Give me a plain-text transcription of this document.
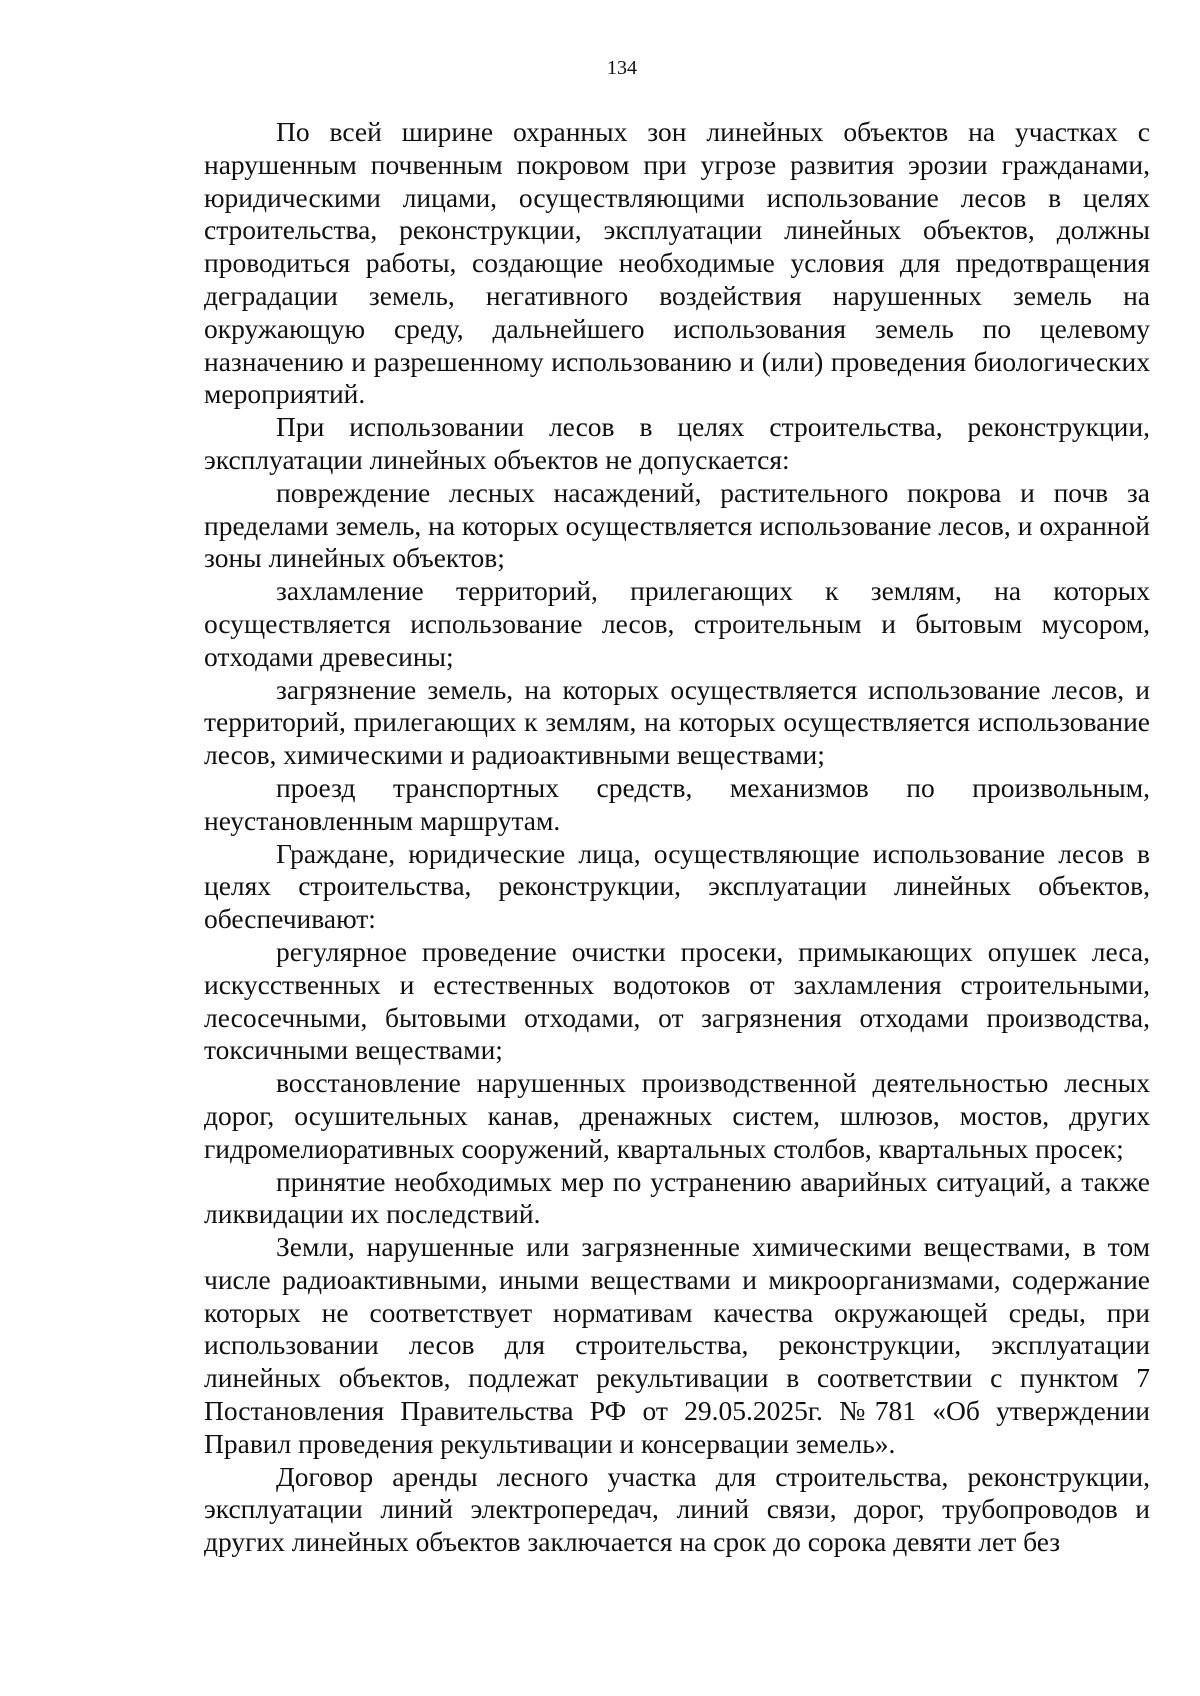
134

По всей ширине охранных зон линейных объектов на участках с нарушенным почвенным покровом при угрозе развития эрозии гражданами, юридическими лицами, осуществляющими использование лесов в целях строительства, реконструкции, эксплуатации линейных объектов, должны проводиться работы, создающие необходимые условия для предотвращения деградации земель, негативного воздействия нарушенных земель на окружающую среду, дальнейшего использования земель по целевому назначению и разрешенному использованию и (или) проведения биологических мероприятий.

При использовании лесов в целях строительства, реконструкции, эксплуатации линейных объектов не допускается:

повреждение лесных насаждений, растительного покрова и почв за пределами земель, на которых осуществляется использование лесов, и охранной зоны линейных объектов;

захламление территорий, прилегающих к землям, на которых осуществляется использование лесов, строительным и бытовым мусором, отходами древесины;

загрязнение земель, на которых осуществляется использование лесов, и территорий, прилегающих к землям, на которых осуществляется использование лесов, химическими и радиоактивными веществами;

проезд транспортных средств, механизмов по произвольным, неустановленным маршрутам.

Граждане, юридические лица, осуществляющие использование лесов в целях строительства, реконструкции, эксплуатации линейных объектов, обеспечивают:

регулярное проведение очистки просеки, примыкающих опушек леса, искусственных и естественных водотоков от захламления строительными, лесосечными, бытовыми отходами, от загрязнения отходами производства, токсичными веществами;

восстановление нарушенных производственной деятельностью лесных дорог, осушительных канав, дренажных систем, шлюзов, мостов, других гидромелиоративных сооружений, квартальных столбов, квартальных просек;

принятие необходимых мер по устранению аварийных ситуаций, а также ликвидации их последствий.

Земли, нарушенные или загрязненные химическими веществами, в том числе радиоактивными, иными веществами и микроорганизмами, содержание которых не соответствует нормативам качества окружающей среды, при использовании лесов для строительства, реконструкции, эксплуатации линейных объектов, подлежат рекультивации в соответствии с пунктом 7 Постановления Правительства РФ от 29.05.2025г. №781 «Об утверждении Правил проведения рекультивации и консервации земель».

Договор аренды лесного участка для строительства, реконструкции, эксплуатации линий электропередач, линий связи, дорог, трубопроводов и других линейных объектов заключается на срок до сорока девяти лет без
